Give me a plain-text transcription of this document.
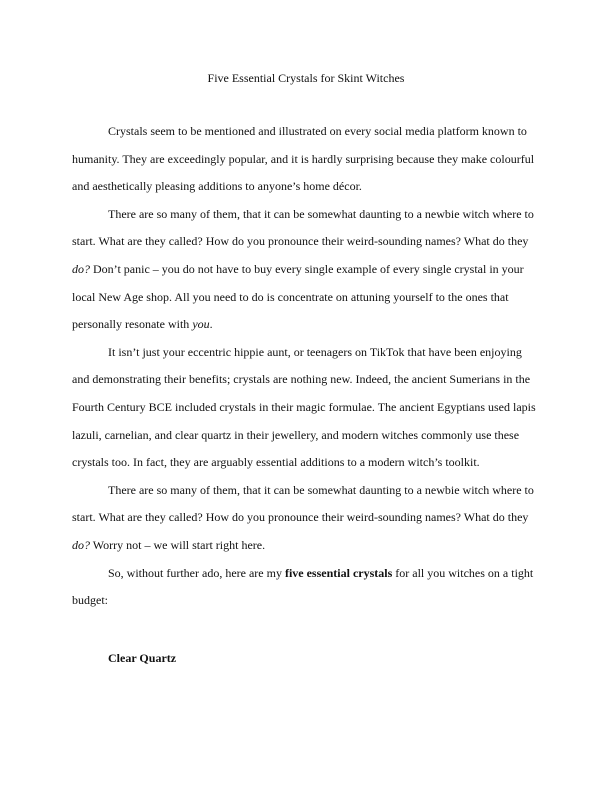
Five Essential Crystals for Skint Witches

Crystals seem to be mentioned and illustrated on every social media platform known to humanity. They are exceedingly popular, and it is hardly surprising because they make colourful and aesthetically pleasing additions to anyone’s home décor.

There are so many of them, that it can be somewhat daunting to a newbie witch where to start. What are they called? How do you pronounce their weird-sounding names? What do they do? Don’t panic – you do not have to buy every single example of every single crystal in your local New Age shop. All you need to do is concentrate on attuning yourself to the ones that personally resonate with you.

It isn’t just your eccentric hippie aunt, or teenagers on TikTok that have been enjoying and demonstrating their benefits; crystals are nothing new. Indeed, the ancient Sumerians in the Fourth Century BCE included crystals in their magic formulae. The ancient Egyptians used lapis lazuli, carnelian, and clear quartz in their jewellery, and modern witches commonly use these crystals too. In fact, they are arguably essential additions to a modern witch’s toolkit.

There are so many of them, that it can be somewhat daunting to a newbie witch where to start. What are they called? How do you pronounce their weird-sounding names? What do they do? Worry not – we will start right here.

So, without further ado, here are my five essential crystals for all you witches on a tight budget:

Clear Quartz
